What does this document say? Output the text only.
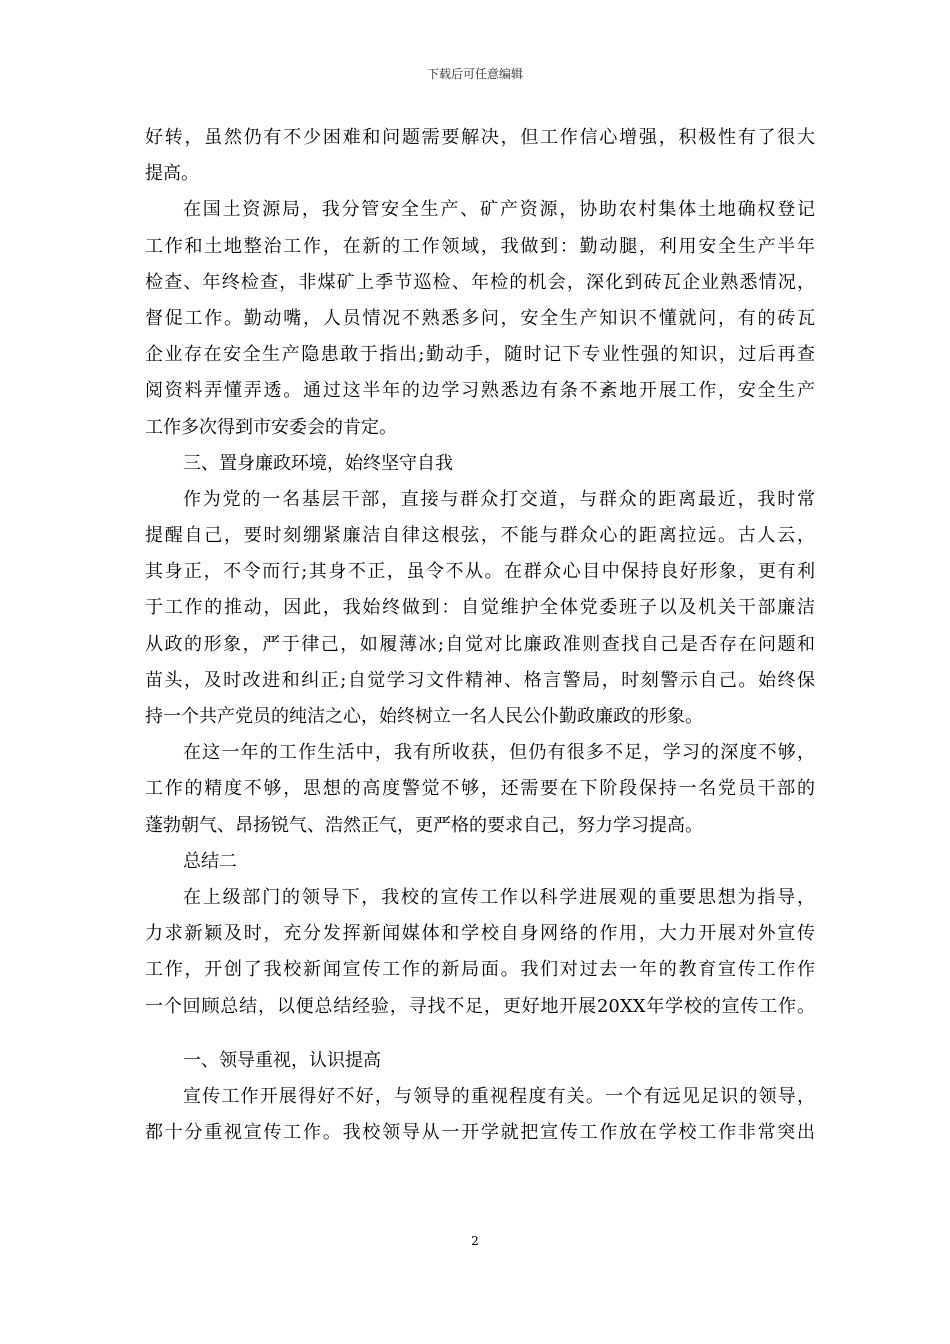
下载后可任意编辑
好转，虽然仍有不少困难和问题需要解决，但工作信心增强，积极性有了很大
提高。
在国土资源局，我分管安全生产、矿产资源，协助农村集体土地确权登记
工作和土地整治工作，在新的工作领域，我做到：勤动腿，利用安全生产半年
检查、年终检查，非煤矿上季节巡检、年检的机会，深化到砖瓦企业熟悉情况，
督促工作。勤动嘴，人员情况不熟悉多问，安全生产知识不懂就问，有的砖瓦
企业存在安全生产隐患敢于指出;勤动手，随时记下专业性强的知识，过后再查
阅资料弄懂弄透。通过这半年的边学习熟悉边有条不紊地开展工作，安全生产
工作多次得到市安委会的肯定。
三、置身廉政环境，始终坚守自我
作为党的一名基层干部，直接与群众打交道，与群众的距离最近，我时常
提醒自己，要时刻绷紧廉洁自律这根弦，不能与群众心的距离拉远。古人云，
其身正，不令而行;其身不正，虽令不从。在群众心目中保持良好形象，更有利
于工作的推动，因此，我始终做到：自觉维护全体党委班子以及机关干部廉洁
从政的形象，严于律己，如履薄冰;自觉对比廉政准则查找自己是否存在问题和
苗头，及时改进和纠正;自觉学习文件精神、格言警局，时刻警示自己。始终保
持一个共产党员的纯洁之心，始终树立一名人民公仆勤政廉政的形象。
在这一年的工作生活中，我有所收获，但仍有很多不足，学习的深度不够，
工作的精度不够，思想的高度警觉不够，还需要在下阶段保持一名党员干部的
蓬勃朝气、昂扬锐气、浩然正气，更严格的要求自己，努力学习提高。
总结二
在上级部门的领导下，我校的宣传工作以科学进展观的重要思想为指导，
力求新颖及时，充分发挥新闻媒体和学校自身网络的作用，大力开展对外宣传
工作，开创了我校新闻宣传工作的新局面。我们对过去一年的教育宣传工作作
一个回顾总结，以便总结经验，寻找不足，更好地开展20XX年学校的宣传工作。
一、领导重视，认识提高
宣传工作开展得好不好，与领导的重视程度有关。一个有远见足识的领导，
都十分重视宣传工作。我校领导从一开学就把宣传工作放在学校工作非常突出
2
